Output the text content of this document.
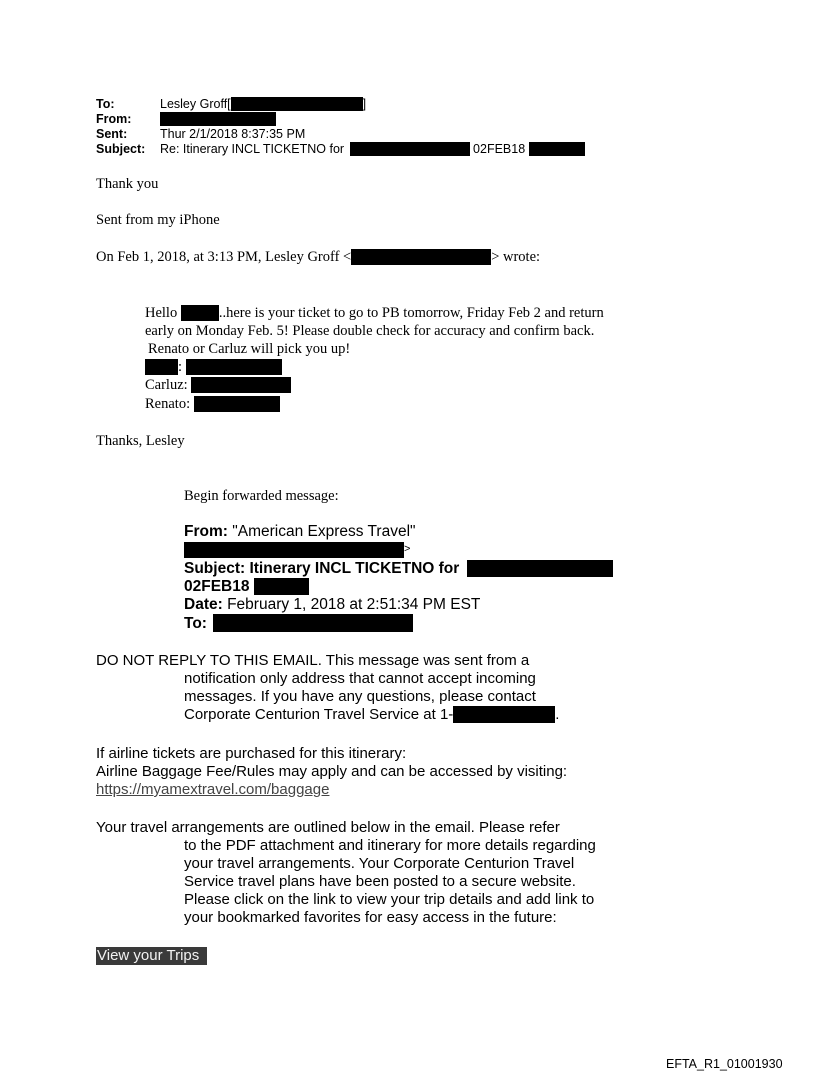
To:	Lesley Groff[	]
From:
Sent:	Thur 2/1/2018 8:37:35 PM
Subject: Re: Itinerary INCL TICKETNO for	02FEB18
Thank you
Sent from my iPhone
On Feb 1, 2018, at 3:13 PM, Lesley Groff <	> wrote:
Hello	..here is your ticket to go to PB tomorrow, Friday Feb 2 and return
early on Monday Feb. 5! Please double check for accuracy and confirm back.
Renato or Carluz will pick you up!
:
Carluz:
Renato:
Thanks, Lesley
Begin forwarded message:
From: "American Express Travel"
>
Subject: Itinerary INCL TICKETNO for
02FEB18
Date: February 1, 2018 at 2:51:34 PM EST
To:
DO NOT REPLY TO THIS EMAIL. This message was sent from a
notification only address that cannot accept incoming
messages. If you have any questions, please contact
Corporate Centurion Travel Service at 1-	.
If airline tickets are purchased for this itinerary:
Airline Baggage Fee/Rules may apply and can be accessed by visiting:
https://myamextravel.com/baggage
Your travel arrangements are outlined below in the email. Please refer
to the PDF attachment and itinerary for more details regarding
your travel arrangements. Your Corporate Centurion Travel
Service travel plans have been posted to a secure website.
Please click on the link to view your trip details and add link to
your bookmarked favorites for easy access in the future:
View your Trips
EFTA_R1_01001930
